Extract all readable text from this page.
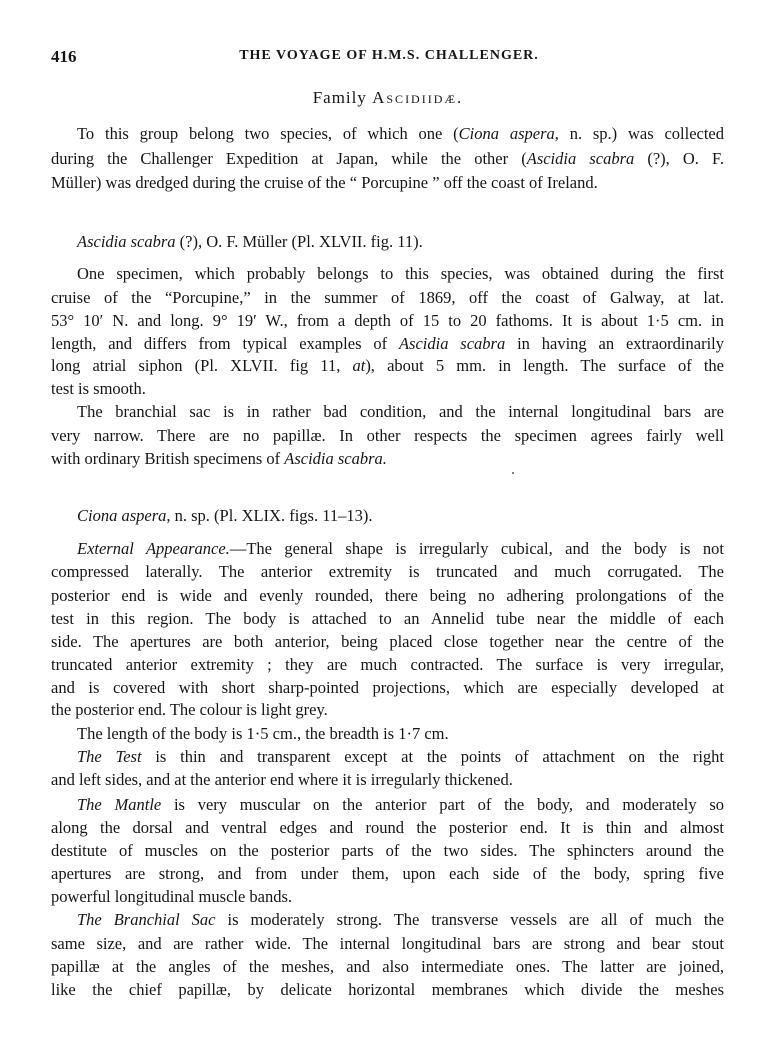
416	THE VOYAGE OF H.M.S. CHALLENGER.
Family Ascidiidæ.
To this group belong two species, of which one (Ciona aspera, n. sp.) was collected
during the Challenger Expedition at Japan, while the other (Ascidia scabra (?), O. F.
Müller) was dredged during the cruise of the “ Porcupine ” off the coast of Ireland.
Ascidia scabra (?), O. F. Müller (Pl. XLVII. fig. 11).
One specimen, which probably belongs to this species, was obtained during the first
cruise of the “Porcupine,” in the summer of 1869, off the coast of Galway, at lat.
53° 10′ N. and long. 9° 19′ W., from a depth of 15 to 20 fathoms. It is about 1·5 cm. in
length, and differs from typical examples of Ascidia scabra in having an extraordinarily
long atrial siphon (Pl. XLVII. fig 11, at), about 5 mm. in length. The surface of the
test is smooth.
The branchial sac is in rather bad condition, and the internal longitudinal bars are
very narrow. There are no papillæ. In other respects the specimen agrees fairly well
with ordinary British specimens of Ascidia scabra.
Ciona aspera, n. sp. (Pl. XLIX. figs. 11–13).
External Appearance.—The general shape is irregularly cubical, and the body is not
compressed laterally. The anterior extremity is truncated and much corrugated. The
posterior end is wide and evenly rounded, there being no adhering prolongations of the
test in this region. The body is attached to an Annelid tube near the middle of each
side. The apertures are both anterior, being placed close together near the centre of the
truncated anterior extremity ; they are much contracted. The surface is very irregular,
and is covered with short sharp-pointed projections, which are especially developed at
the posterior end. The colour is light grey.
The length of the body is 1·5 cm., the breadth is 1·7 cm.
The Test is thin and transparent except at the points of attachment on the right
and left sides, and at the anterior end where it is irregularly thickened.
The Mantle is very muscular on the anterior part of the body, and moderately so
along the dorsal and ventral edges and round the posterior end. It is thin and almost
destitute of muscles on the posterior parts of the two sides. The sphincters around the
apertures are strong, and from under them, upon each side of the body, spring five
powerful longitudinal muscle bands.
The Branchial Sac is moderately strong. The transverse vessels are all of much the
same size, and are rather wide. The internal longitudinal bars are strong and bear stout
papillæ at the angles of the meshes, and also intermediate ones. The latter are joined,
like the chief papillæ, by delicate horizontal membranes which divide the meshes
